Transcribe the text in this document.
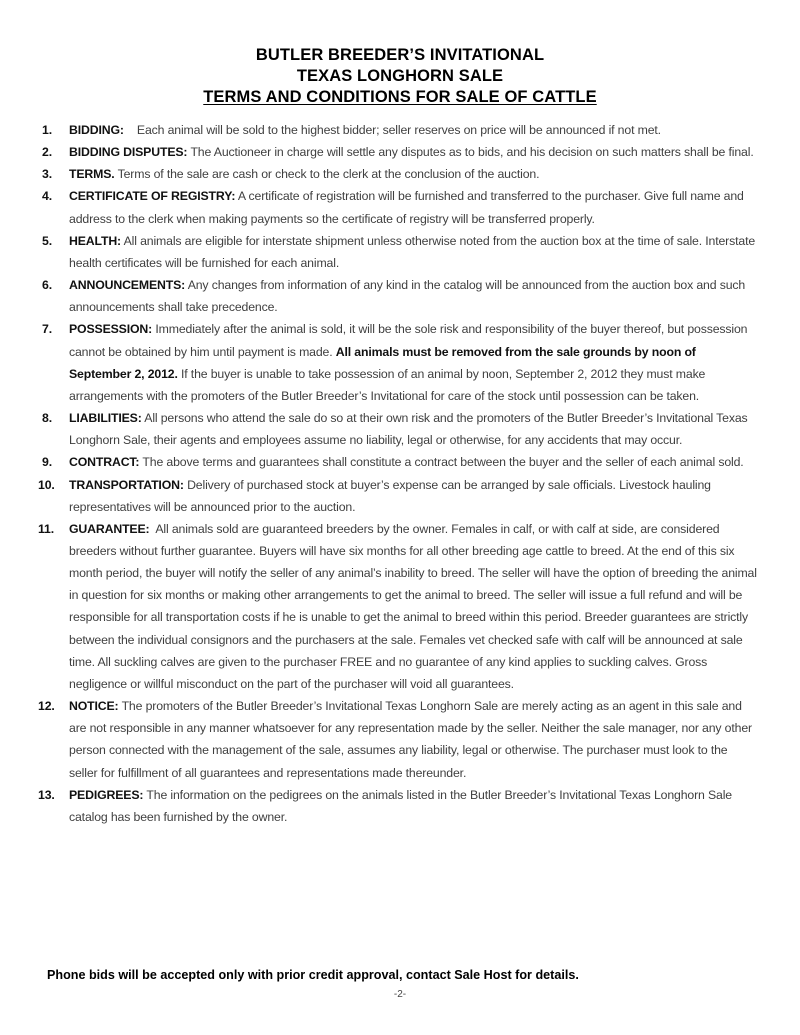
BUTLER BREEDER’S INVITATIONAL
TEXAS LONGHORN SALE
TERMS AND CONDITIONS FOR SALE OF CATTLE
1.	BIDDING: Each animal will be sold to the highest bidder; seller reserves on price will be announced if not met.
2.	BIDDING DISPUTES: The Auctioneer in charge will settle any disputes as to bids, and his decision on such matters shall be final.
3.	TERMS. Terms of the sale are cash or check to the clerk at the conclusion of the auction.
4.	CERTIFICATE OF REGISTRY: A certificate of registration will be furnished and transferred to the purchaser. Give full name and address to the clerk when making payments so the certificate of registry will be transferred properly.
5.	HEALTH: All animals are eligible for interstate shipment unless otherwise noted from the auction box at the time of sale. Interstate health certificates will be furnished for each animal.
6.	ANNOUNCEMENTS: Any changes from information of any kind in the catalog will be announced from the auction box and such announcements shall take precedence.
7.	POSSESSION: Immediately after the animal is sold, it will be the sole risk and responsibility of the buyer thereof, but possession cannot be obtained by him until payment is made. All animals must be removed from the sale grounds by noon of September 2, 2012. If the buyer is unable to take possession of an animal by noon, September 2, 2012 they must make arrangements with the promoters of the Butler Breeder’s Invitational for care of the stock until possession can be taken.
8.	LIABILITIES: All persons who attend the sale do so at their own risk and the promoters of the Butler Breeder’s Invitational Texas Longhorn Sale, their agents and employees assume no liability, legal or otherwise, for any accidents that may occur.
9.	CONTRACT: The above terms and guarantees shall constitute a contract between the buyer and the seller of each animal sold.
10.	TRANSPORTATION: Delivery of purchased stock at buyer’s expense can be arranged by sale officials. Livestock hauling representatives will be announced prior to the auction.
11.	GUARANTEE: All animals sold are guaranteed breeders by the owner. Females in calf, or with calf at side, are considered breeders without further guarantee. Buyers will have six months for all other breeding age cattle to breed. At the end of this six month period, the buyer will notify the seller of any animal’s inability to breed. The seller will have the option of breeding the animal in question for six months or making other arrangements to get the animal to breed. The seller will issue a full refund and will be responsible for all transportation costs if he is unable to get the animal to breed within this period. Breeder guarantees are strictly between the individual consignors and the purchasers at the sale. Females vet checked safe with calf will be announced at sale time. All suckling calves are given to the purchaser FREE and no guarantee of any kind applies to suckling calves. Gross negligence or willful misconduct on the part of the purchaser will void all guarantees.
12.	NOTICE: The promoters of the Butler Breeder’s Invitational Texas Longhorn Sale are merely acting as an agent in this sale and are not responsible in any manner whatsoever for any representation made by the seller. Neither the sale manager, nor any other person connected with the management of the sale, assumes any liability, legal or otherwise. The purchaser must look to the seller for fulfillment of all guarantees and representations made thereunder.
13.	PEDIGREES: The information on the pedigrees on the animals listed in the Butler Breeder’s Invitational Texas Longhorn Sale catalog has been furnished by the owner.
Phone bids will be accepted only with prior credit approval, contact Sale Host for details.
-2-
